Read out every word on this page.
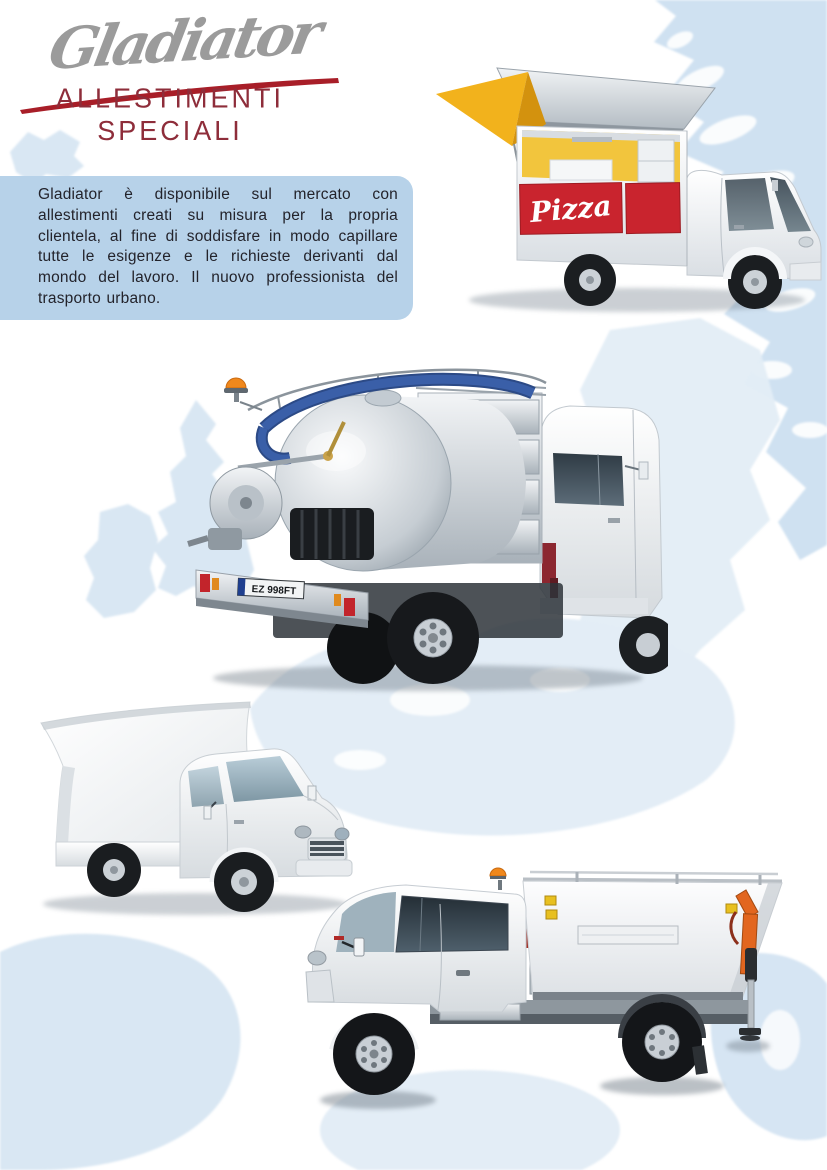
Gladiator
ALLESTIMENTI
SPECIALI

Gladiator è disponibile sul mercato con allestimenti creati su misura per la propria clientela, al fine di soddisfare in modo capillare tutte le esigenze e le richieste derivanti dal mondo del lavoro. Il nuovo professionista del trasporto urbano.

Pizza
EZ 998FT
